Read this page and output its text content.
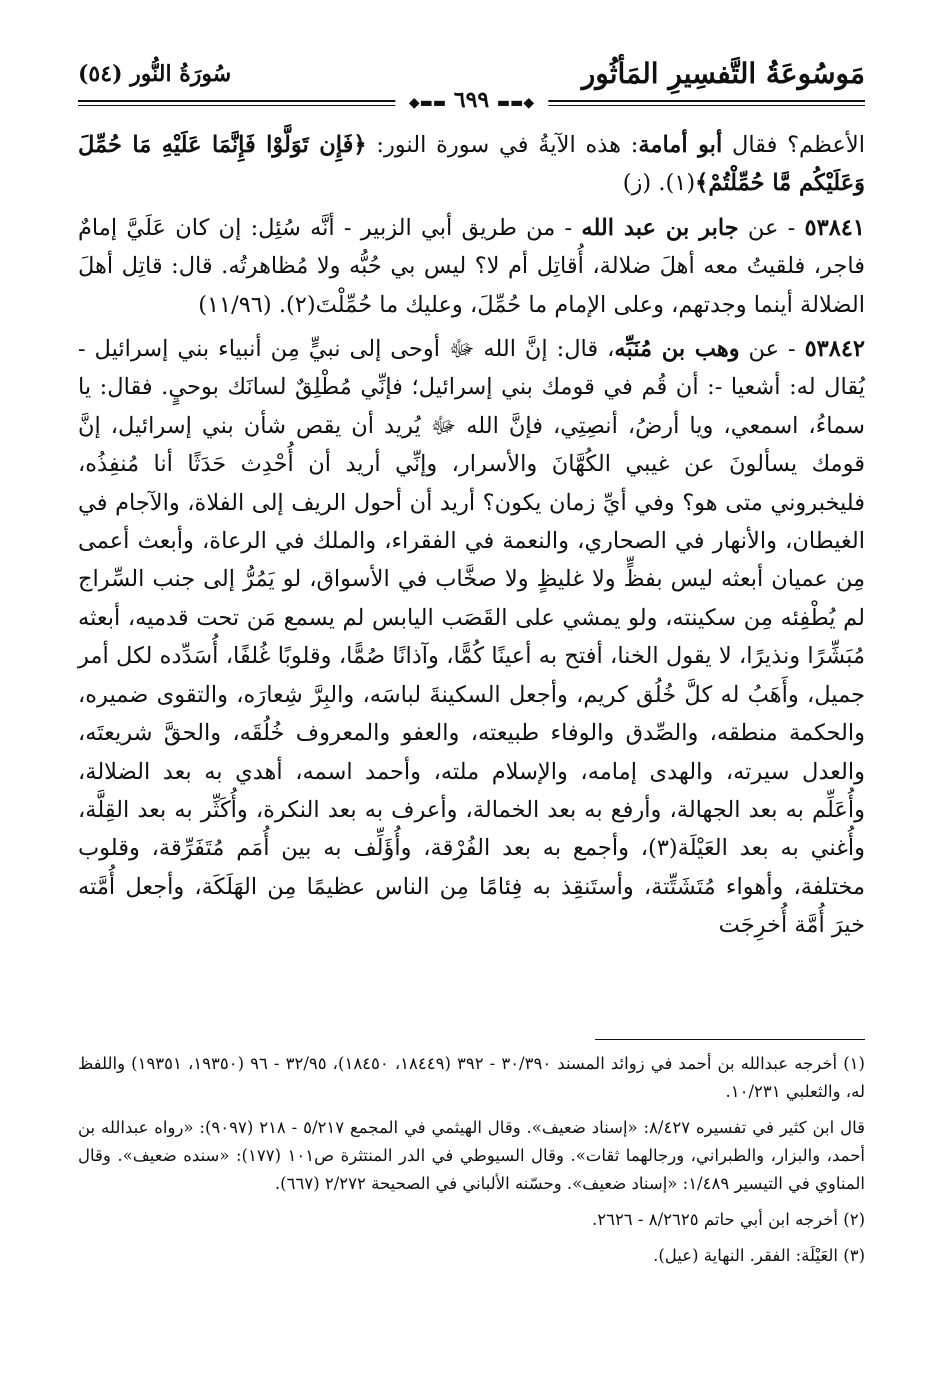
مَوسُوعَةُ التَّفسِيرِ المَأثُور
سُورَةُ النُّور (٥٤)
◆▬▬ ٦٩٩ ▬▬◆

الأعظم؟ فقال أبو أمامة: هذه الآيةُ في سورة النور: ﴿فَإِن تَوَلَّوْا فَإِنَّمَا عَلَيْهِ مَا حُمِّلَ وَعَلَيْكُم مَّا حُمِّلْتُمْ﴾(١). (ز)

٥٣٨٤١ - عن جابر بن عبد الله - من طريق أبي الزبير - أنَّه سُئِل: إن كان عَلَيَّ إمامٌ فاجر، فلقيتُ معه أهلَ ضلالة، أُقاتِل أم لا؟ ليس بي حُبُّه ولا مُظاهرتُه. قال: قاتِل أهلَ الضلالة أينما وجدتهم، وعلى الإمام ما حُمِّلَ، وعليك ما حُمِّلْتَ(٢). (١١/٩٦)

٥٣٨٤٢ - عن وهب بن مُنَبِّه، قال: إنَّ الله ﷻ أوحى إلى نبيٍّ مِن أنبياء بني إسرائيل - يُقال له: أشعيا -: أن قُم في قومك بني إسرائيل؛ فإنِّي مُطْلِقٌ لسانَك بوحيٍ. فقال: يا سماءُ، اسمعي، ويا أرضُ، أنصِتِي، فإنَّ الله ﷻ يُريد أن يقص شأن بني إسرائيل، إنَّ قومك يسألونَ عن غيبي الكُهَّانَ والأسرار، وإنِّي أريد أن أُحْدِث حَدَثًا أنا مُنفِذُه، فليخبروني متى هو؟ وفي أيِّ زمان يكون؟ أريد أن أحول الريف إلى الفلاة، والآجام في الغيطان، والأنهار في الصحاري، والنعمة في الفقراء، والملك في الرعاة، وأبعث أعمى مِن عميان أبعثه ليس بفظٍّ ولا غليظٍ ولا صخَّاب في الأسواق، لو يَمُرُّ إلى جنب السِّراج لم يُطْفِئه مِن سكينته، ولو يمشي على القَصَب اليابس لم يسمع مَن تحت قدميه، أبعثه مُبَشِّرًا ونذيرًا، لا يقول الخنا، أفتح به أعينًا كُمًّا، وآذانًا صُمًّا، وقلوبًا غُلفًا، أُسَدِّده لكل أمر جميل، وأَهَبُ له كلَّ خُلُق كريم، وأجعل السكينةَ لباسَه، والبِرَّ شِعارَه، والتقوى ضميره، والحكمة منطقه، والصِّدق والوفاء طبيعته، والعفو والمعروف خُلُقَه، والحقَّ شريعتَه، والعدل سيرته، والهدى إمامه، والإسلام ملته، وأحمد اسمه، أهدي به بعد الضلالة، وأُعَلِّم به بعد الجهالة، وأرفع به بعد الخمالة، وأعرف به بعد النكرة، وأُكَثِّر به بعد القِلَّة، وأُغني به بعد العَيْلَة(٣)، وأجمع به بعد الفُرْقة، وأُؤَلِّف به بين أُمَم مُتَفَرِّقة، وقلوب مختلفة، وأهواء مُتَشَتِّتة، وأستَنقِذ به فِئامًا مِن الناس عظيمًا مِن الهَلَكَة، وأجعل أُمَّته خيرَ أُمَّة أُخرِجَت

(١) أخرجه عبدالله بن أحمد في زوائد المسند ٣٠/٣٩٠ - ٣٩٢ (١٨٤٤٩، ١٨٤٥٠)، ٣٢/٩٥ - ٩٦ (١٩٣٥٠، ١٩٣٥١) واللفظ له، والثعلبي ١٠/٢٣١.

قال ابن كثير في تفسيره ٨/٤٢٧: «إسناد ضعيف». وقال الهيثمي في المجمع ٥/٢١٧ - ٢١٨ (٩٠٩٧): «رواه عبدالله بن أحمد، والبزار، والطبراني، ورجالهما ثقات». وقال السيوطي في الدر المنتثرة ص١٠١ (١٧٧): «سنده ضعيف». وقال المناوي في التيسير ١/٤٨٩: «إسناد ضعيف». وحسّنه الألباني في الصحيحة ٢/٢٧٢ (٦٦٧).

(٢) أخرجه ابن أبي حاتم ٨/٢٦٢٥ - ٢٦٢٦.

(٣) العَيْلَة: الفقر. النهاية (عيل).
